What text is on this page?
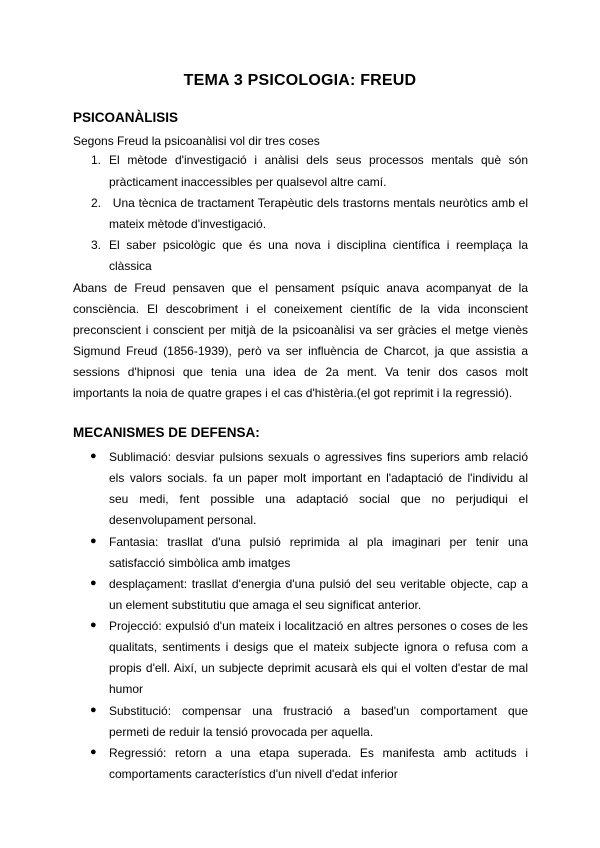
TEMA 3 PSICOLOGIA: FREUD
PSICOANÀLISIS
Segons Freud la psicoanàlisi vol dir tres coses
1. El mètode d'investigació i anàlisi dels seus processos mentals què són
pràcticament inaccessibles per qualsevol altre camí.
2. Una tècnica de tractament Terapèutic dels trastorns mentals neuròtics amb el
mateix mètode d'investigació.
3. El saber psicològic que és una nova i disciplina científica i reemplaça la
clàssica
Abans de Freud pensaven que el pensament psíquic anava acompanyat de la
consciència. El descobriment i el coneixement científic de la vida inconscient
preconscient i conscient per mitjà de la psicoanàlisi va ser gràcies el metge vienès
Sigmund Freud (1856-1939), però va ser influència de Charcot, ja que assistia a
sessions d'hipnosi que tenia una idea de 2a ment. Va tenir dos casos molt
importants la noia de quatre grapes i el cas d'histèria.(el got reprimit i la regressió).
MECANISMES DE DEFENSA:
● Sublimació: desviar pulsions sexuals o agressives fins superiors amb relació
els valors socials. fa un paper molt important en l'adaptació de l'individu al
seu medi, fent possible una adaptació social que no perjudiqui el
desenvolupament personal.
● Fantasia: trasllat d'una pulsió reprimida al pla imaginari per tenir una
satisfacció simbòlica amb imatges
● desplaçament: trasllat d'energia d'una pulsió del seu veritable objecte, cap a
un element substitutiu que amaga el seu significat anterior.
● Projecció: expulsió d'un mateix i localització en altres persones o coses de les
qualitats, sentiments i desigs que el mateix subjecte ignora o refusa com a
propis d'ell. Així, un subjecte deprimit acusarà els qui el volten d'estar de mal
humor
● Substitució: compensar una frustració a based'un comportament que
permeti de reduir la tensió provocada per aquella.
● Regressió: retorn a una etapa superada. Es manifesta amb actituds i
comportaments característics d'un nivell d'edat inferior
